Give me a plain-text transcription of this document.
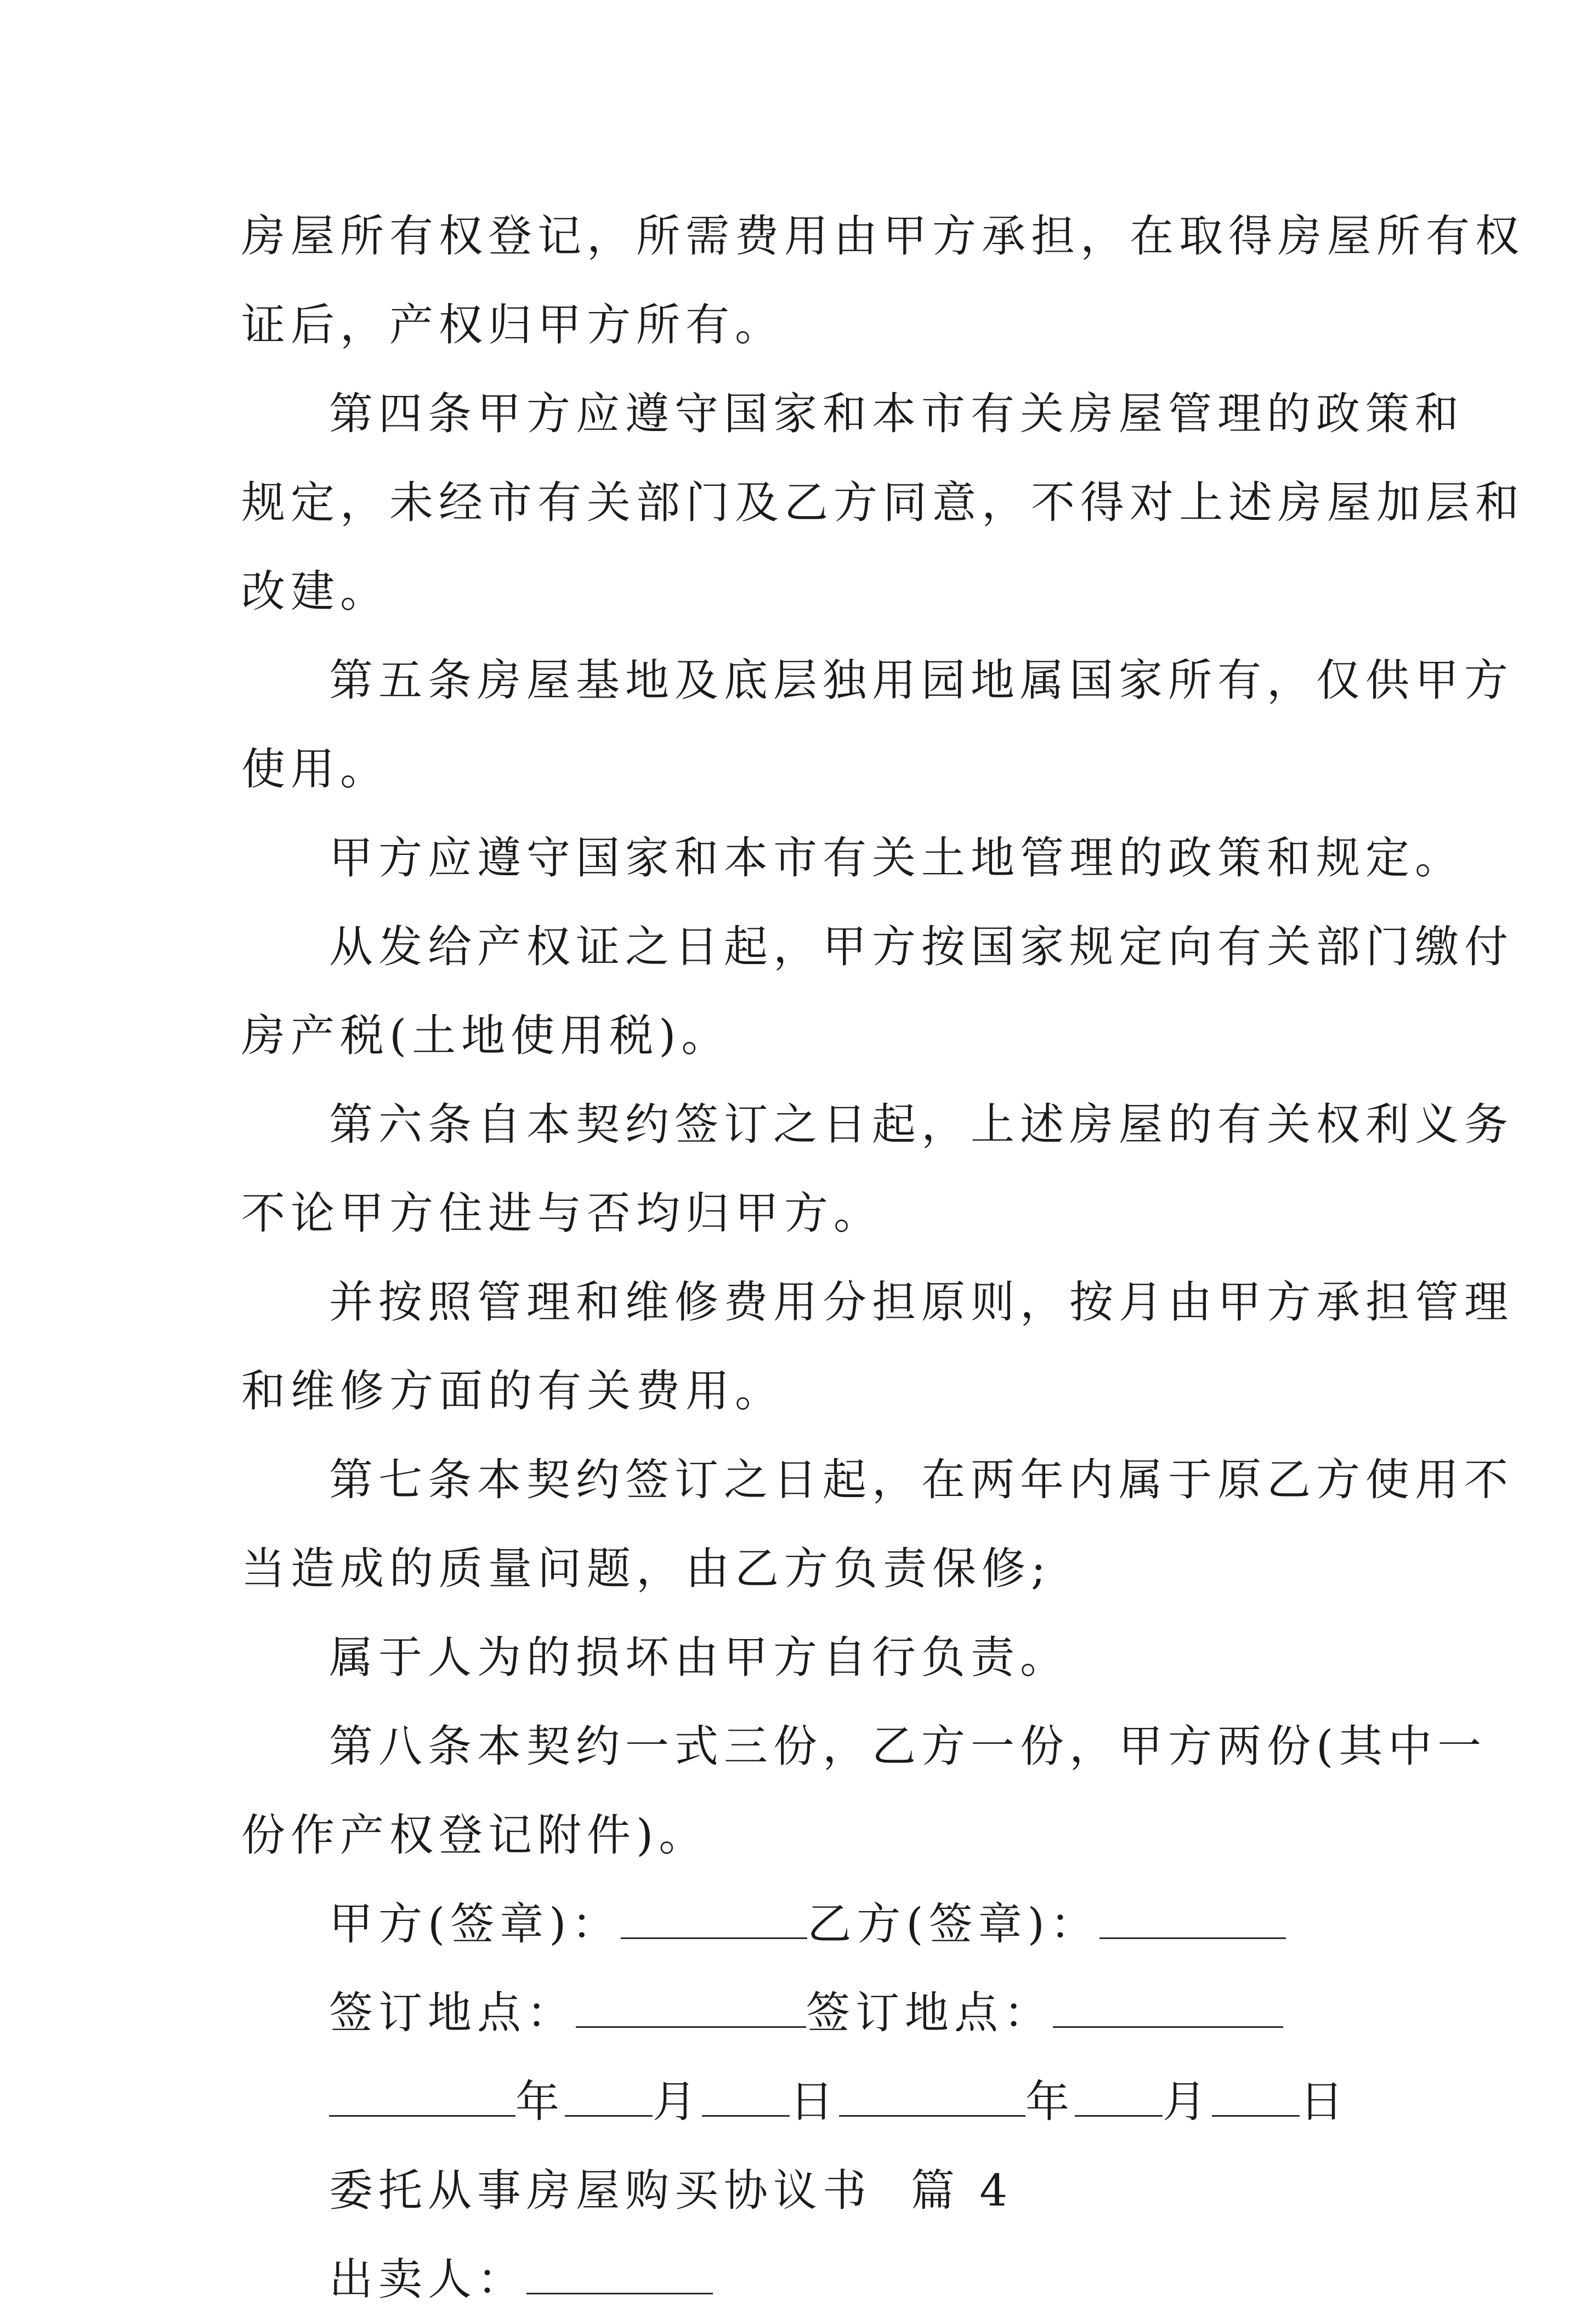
房屋所有权登记，所需费用由甲方承担，在取得房屋所有权
证后，产权归甲方所有。
第四条甲方应遵守国家和本市有关房屋管理的政策和
规定，未经市有关部门及乙方同意，不得对上述房屋加层和
改建。
第五条房屋基地及底层独用园地属国家所有，仅供甲方
使用。
甲方应遵守国家和本市有关土地管理的政策和规定。
从发给产权证之日起，甲方按国家规定向有关部门缴付
房产税(土地使用税)。
第六条自本契约签订之日起，上述房屋的有关权利义务
不论甲方住进与否均归甲方。
并按照管理和维修费用分担原则，按月由甲方承担管理
和维修方面的有关费用。
第七条本契约签订之日起，在两年内属于原乙方使用不
当造成的质量问题，由乙方负责保修;
属于人为的损坏由甲方自行负责。
第八条本契约一式三份，乙方一份，甲方两份(其中一
份作产权登记附件)。
甲方(签章)：	乙方(签章)：
签订地点：	签订地点：
年 月 日	年 月 日
委托从事房屋购买协议书  篇 4
出卖人：
